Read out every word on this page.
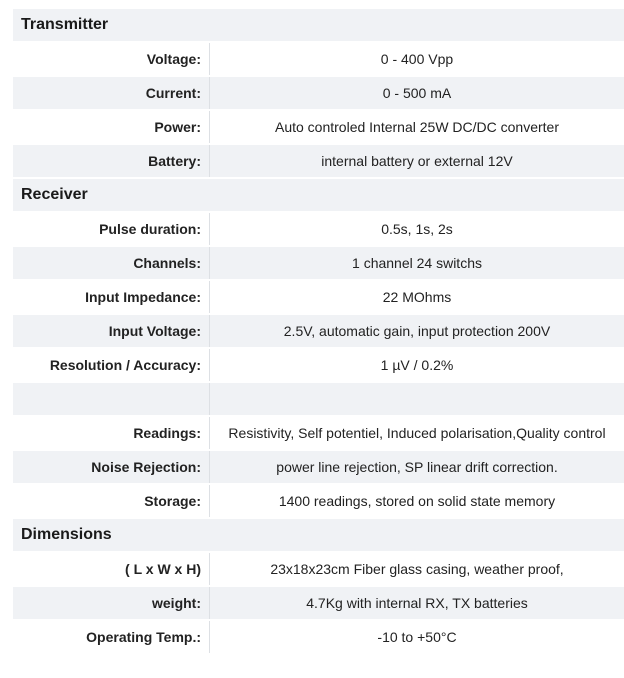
Transmitter
Voltage:	0 - 400 Vpp
Current:	0 - 500 mA
Power:	Auto controled Internal 25W DC/DC converter
Battery:	internal battery or external 12V
Receiver
Pulse duration:	0.5s, 1s, 2s
Channels:	1 channel 24 switchs
Input Impedance:	22 MOhms
Input Voltage:	2.5V, automatic gain, input protection 200V
Resolution / Accuracy:	1 µV / 0.2%
Readings:	Resistivity, Self potentiel, Induced polarisation,Quality control
Noise Rejection:	power line rejection, SP linear drift correction.
Storage:	1400 readings, stored on solid state memory
Dimensions
( L x W x H)	23x18x23cm Fiber glass casing, weather proof,
weight:	4.7Kg with internal RX, TX batteries
Operating Temp.:	-10 to +50°C
